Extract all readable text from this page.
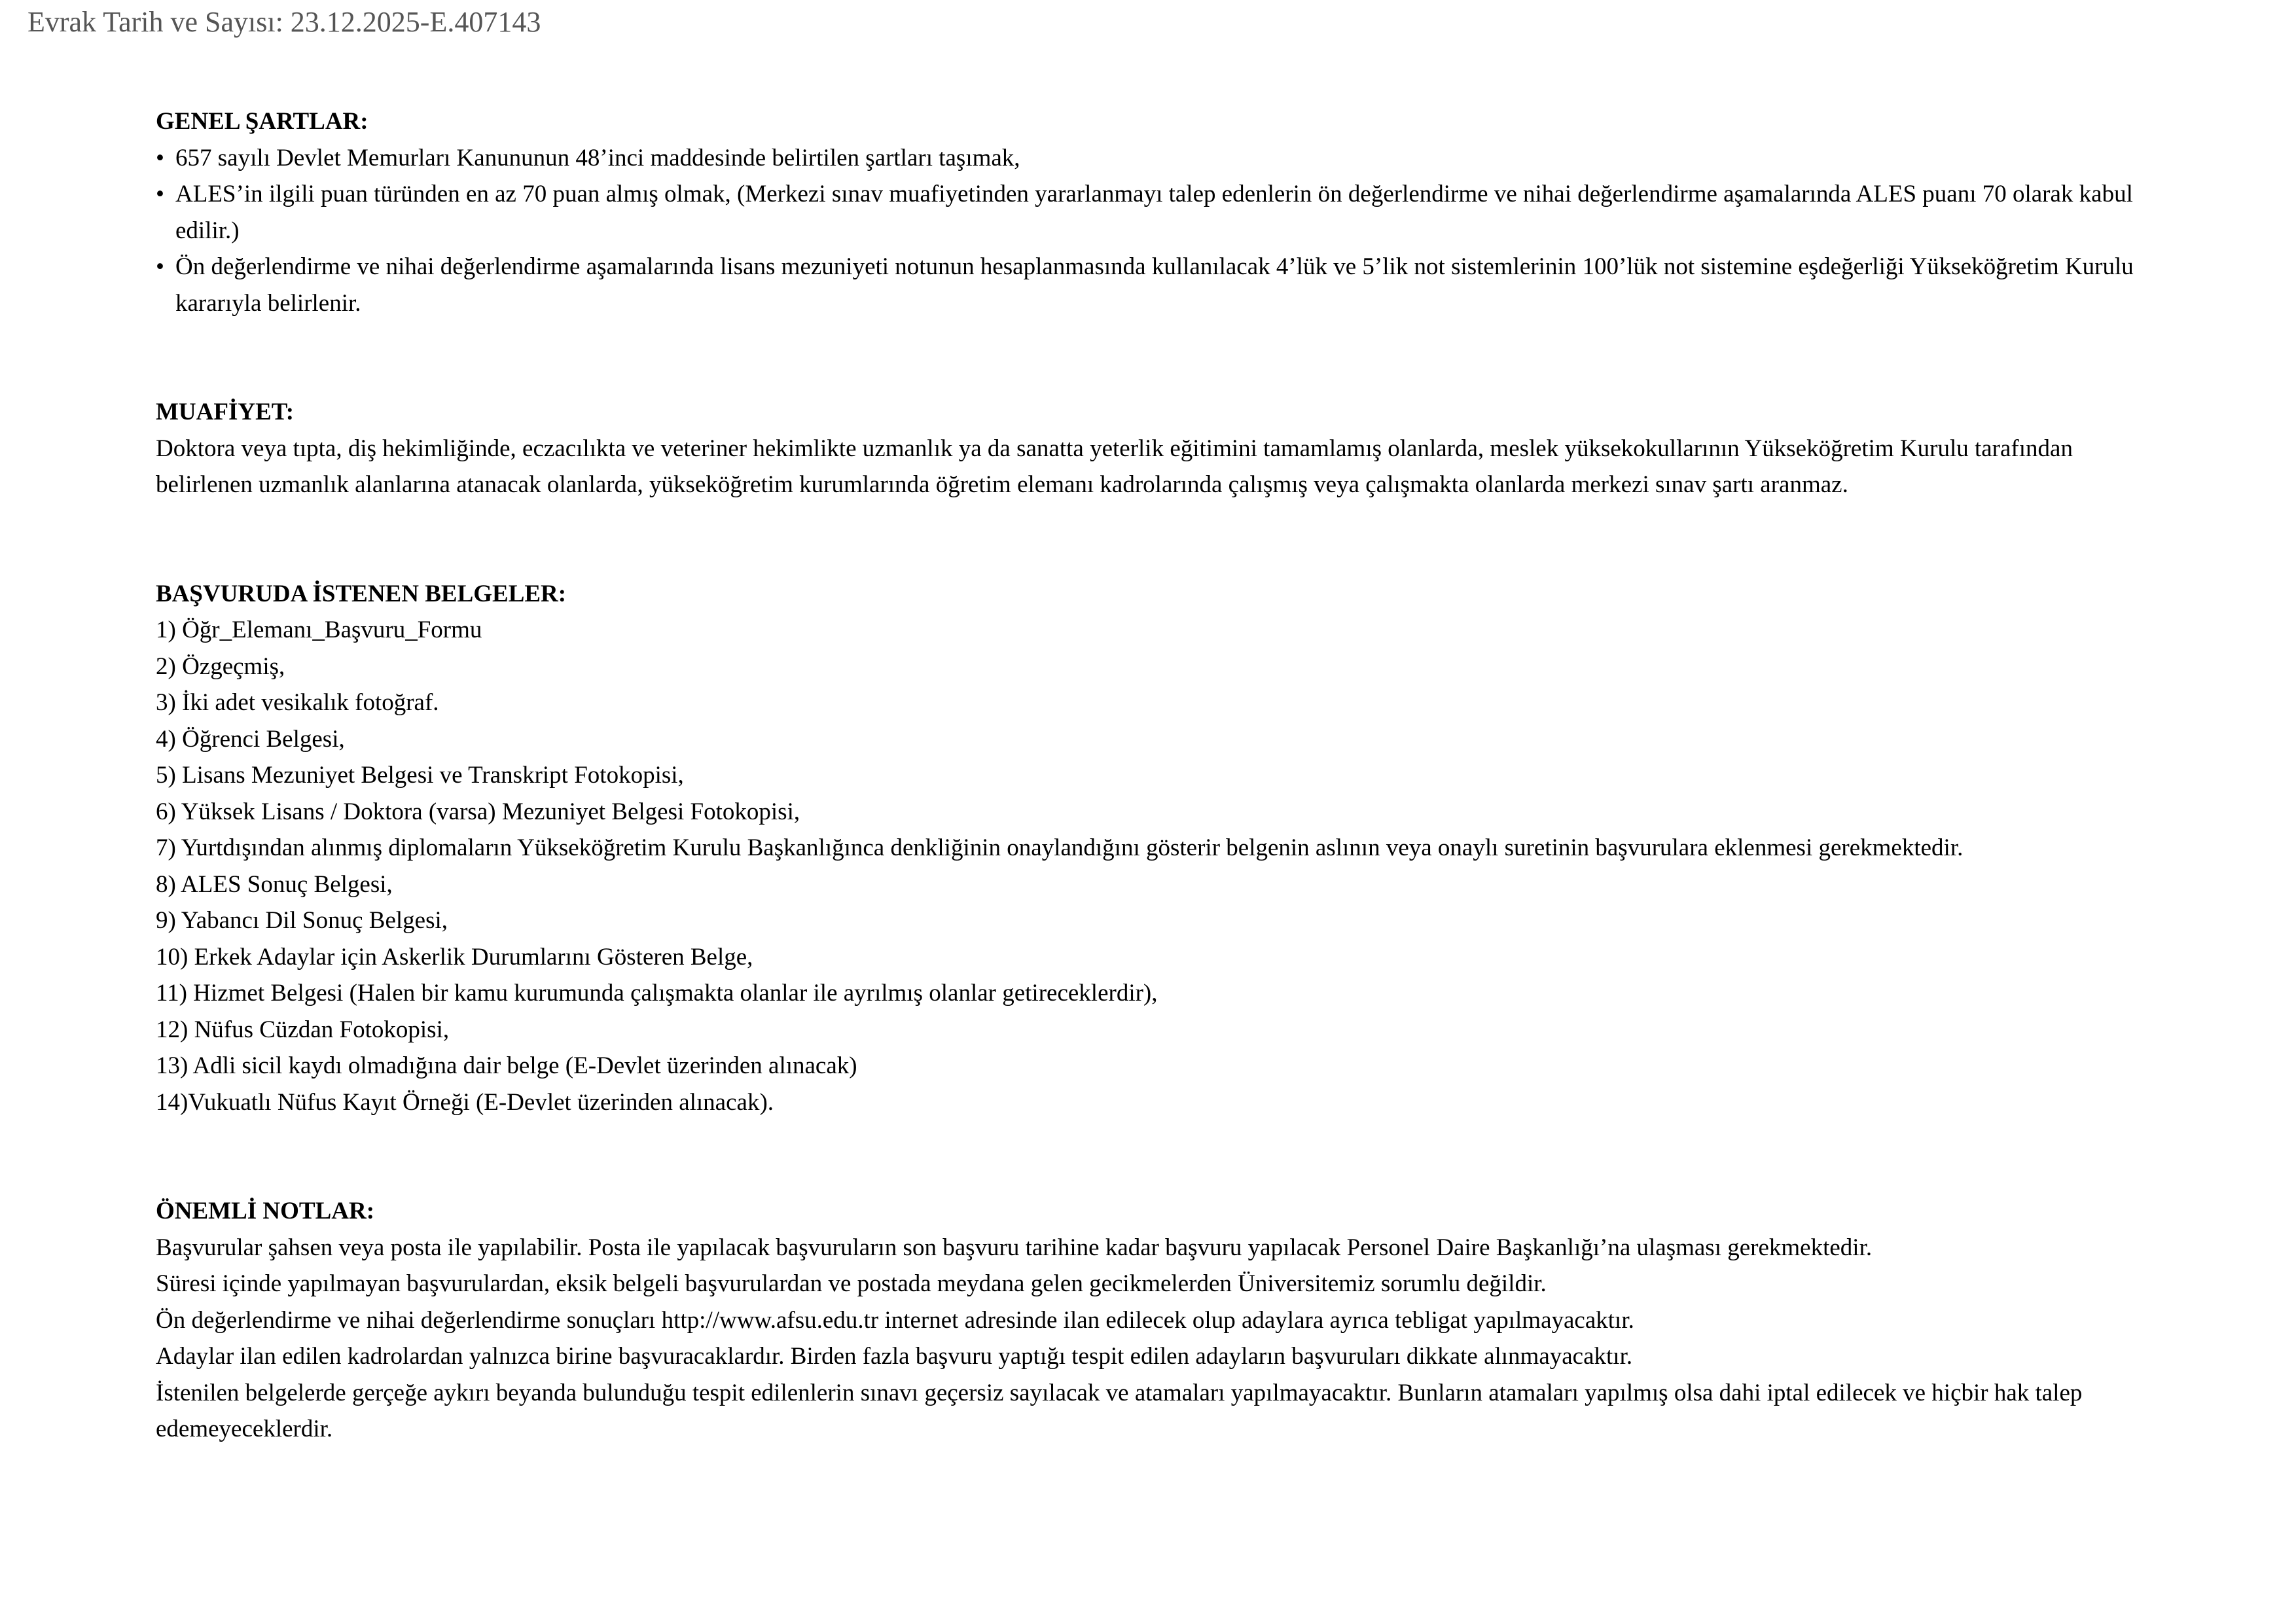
Evrak Tarih ve Sayısı: 23.12.2025-E.407143
GENEL ŞARTLAR:
• 657 sayılı Devlet Memurları Kanununun 48’inci maddesinde belirtilen şartları taşımak,
• ALES’in ilgili puan türünden en az 70 puan almış olmak, (Merkezi sınav muafiyetinden yararlanmayı talep edenlerin ön değerlendirme ve nihai değerlendirme aşamalarında ALES puanı 70 olarak kabul edilir.)
• Ön değerlendirme ve nihai değerlendirme aşamalarında lisans mezuniyeti notunun hesaplanmasında kullanılacak 4’lük ve 5’lik not sistemlerinin 100’lük not sistemine eşdeğerliği Yükseköğretim Kurulu kararıyla belirlenir.
MUAFİYET:

Doktora veya tıpta, diş hekimliğinde, eczacılıkta ve veteriner hekimlikte uzmanlık ya da sanatta yeterlik eğitimini tamamlamış olanlarda, meslek yüksekokullarının Yükseköğretim Kurulu tarafından belirlenen uzmanlık alanlarına atanacak olanlarda, yükseköğretim kurumlarında öğretim elemanı kadrolarında çalışmış veya çalışmakta olanlarda merkezi sınav şartı aranmaz.

BAŞVURUDA İSTENEN BELGELER:
1) Öğr_Elemanı_Başvuru_Formu
2) Özgeçmiş,
3) İki adet vesikalık fotoğraf.
4) Öğrenci Belgesi,
5) Lisans Mezuniyet Belgesi ve Transkript Fotokopisi,
6) Yüksek Lisans / Doktora (varsa) Mezuniyet Belgesi Fotokopisi,
7) Yurtdışından alınmış diplomaların Yükseköğretim Kurulu Başkanlığınca denkliğinin onaylandığını gösterir belgenin aslının veya onaylı suretinin başvurulara eklenmesi gerekmektedir.
8) ALES Sonuç Belgesi,
9) Yabancı Dil Sonuç Belgesi,
10) Erkek Adaylar için Askerlik Durumlarını Gösteren Belge,
11) Hizmet Belgesi (Halen bir kamu kurumunda çalışmakta olanlar ile ayrılmış olanlar getireceklerdir),
12) Nüfus Cüzdan Fotokopisi,
13) Adli sicil kaydı olmadığına dair belge (E-Devlet üzerinden alınacak)
14)Vukuatlı Nüfus Kayıt Örneği (E-Devlet üzerinden alınacak).
ÖNEMLİ NOTLAR:

Başvurular şahsen veya posta ile yapılabilir. Posta ile yapılacak başvuruların son başvuru tarihine kadar başvuru yapılacak Personel Daire Başkanlığı’na ulaşması gerekmektedir.

Süresi içinde yapılmayan başvurulardan, eksik belgeli başvurulardan ve postada meydana gelen gecikmelerden Üniversitemiz sorumlu değildir.

Ön değerlendirme ve nihai değerlendirme sonuçları http://www.afsu.edu.tr internet adresinde ilan edilecek olup adaylara ayrıca tebligat yapılmayacaktır.

Adaylar ilan edilen kadrolardan yalnızca birine başvuracaklardır. Birden fazla başvuru yaptığı tespit edilen adayların başvuruları dikkate alınmayacaktır.

İstenilen belgelerde gerçeğe aykırı beyanda bulunduğu tespit edilenlerin sınavı geçersiz sayılacak ve atamaları yapılmayacaktır. Bunların atamaları yapılmış olsa dahi iptal edilecek ve hiçbir hak talep edemeyeceklerdir.
